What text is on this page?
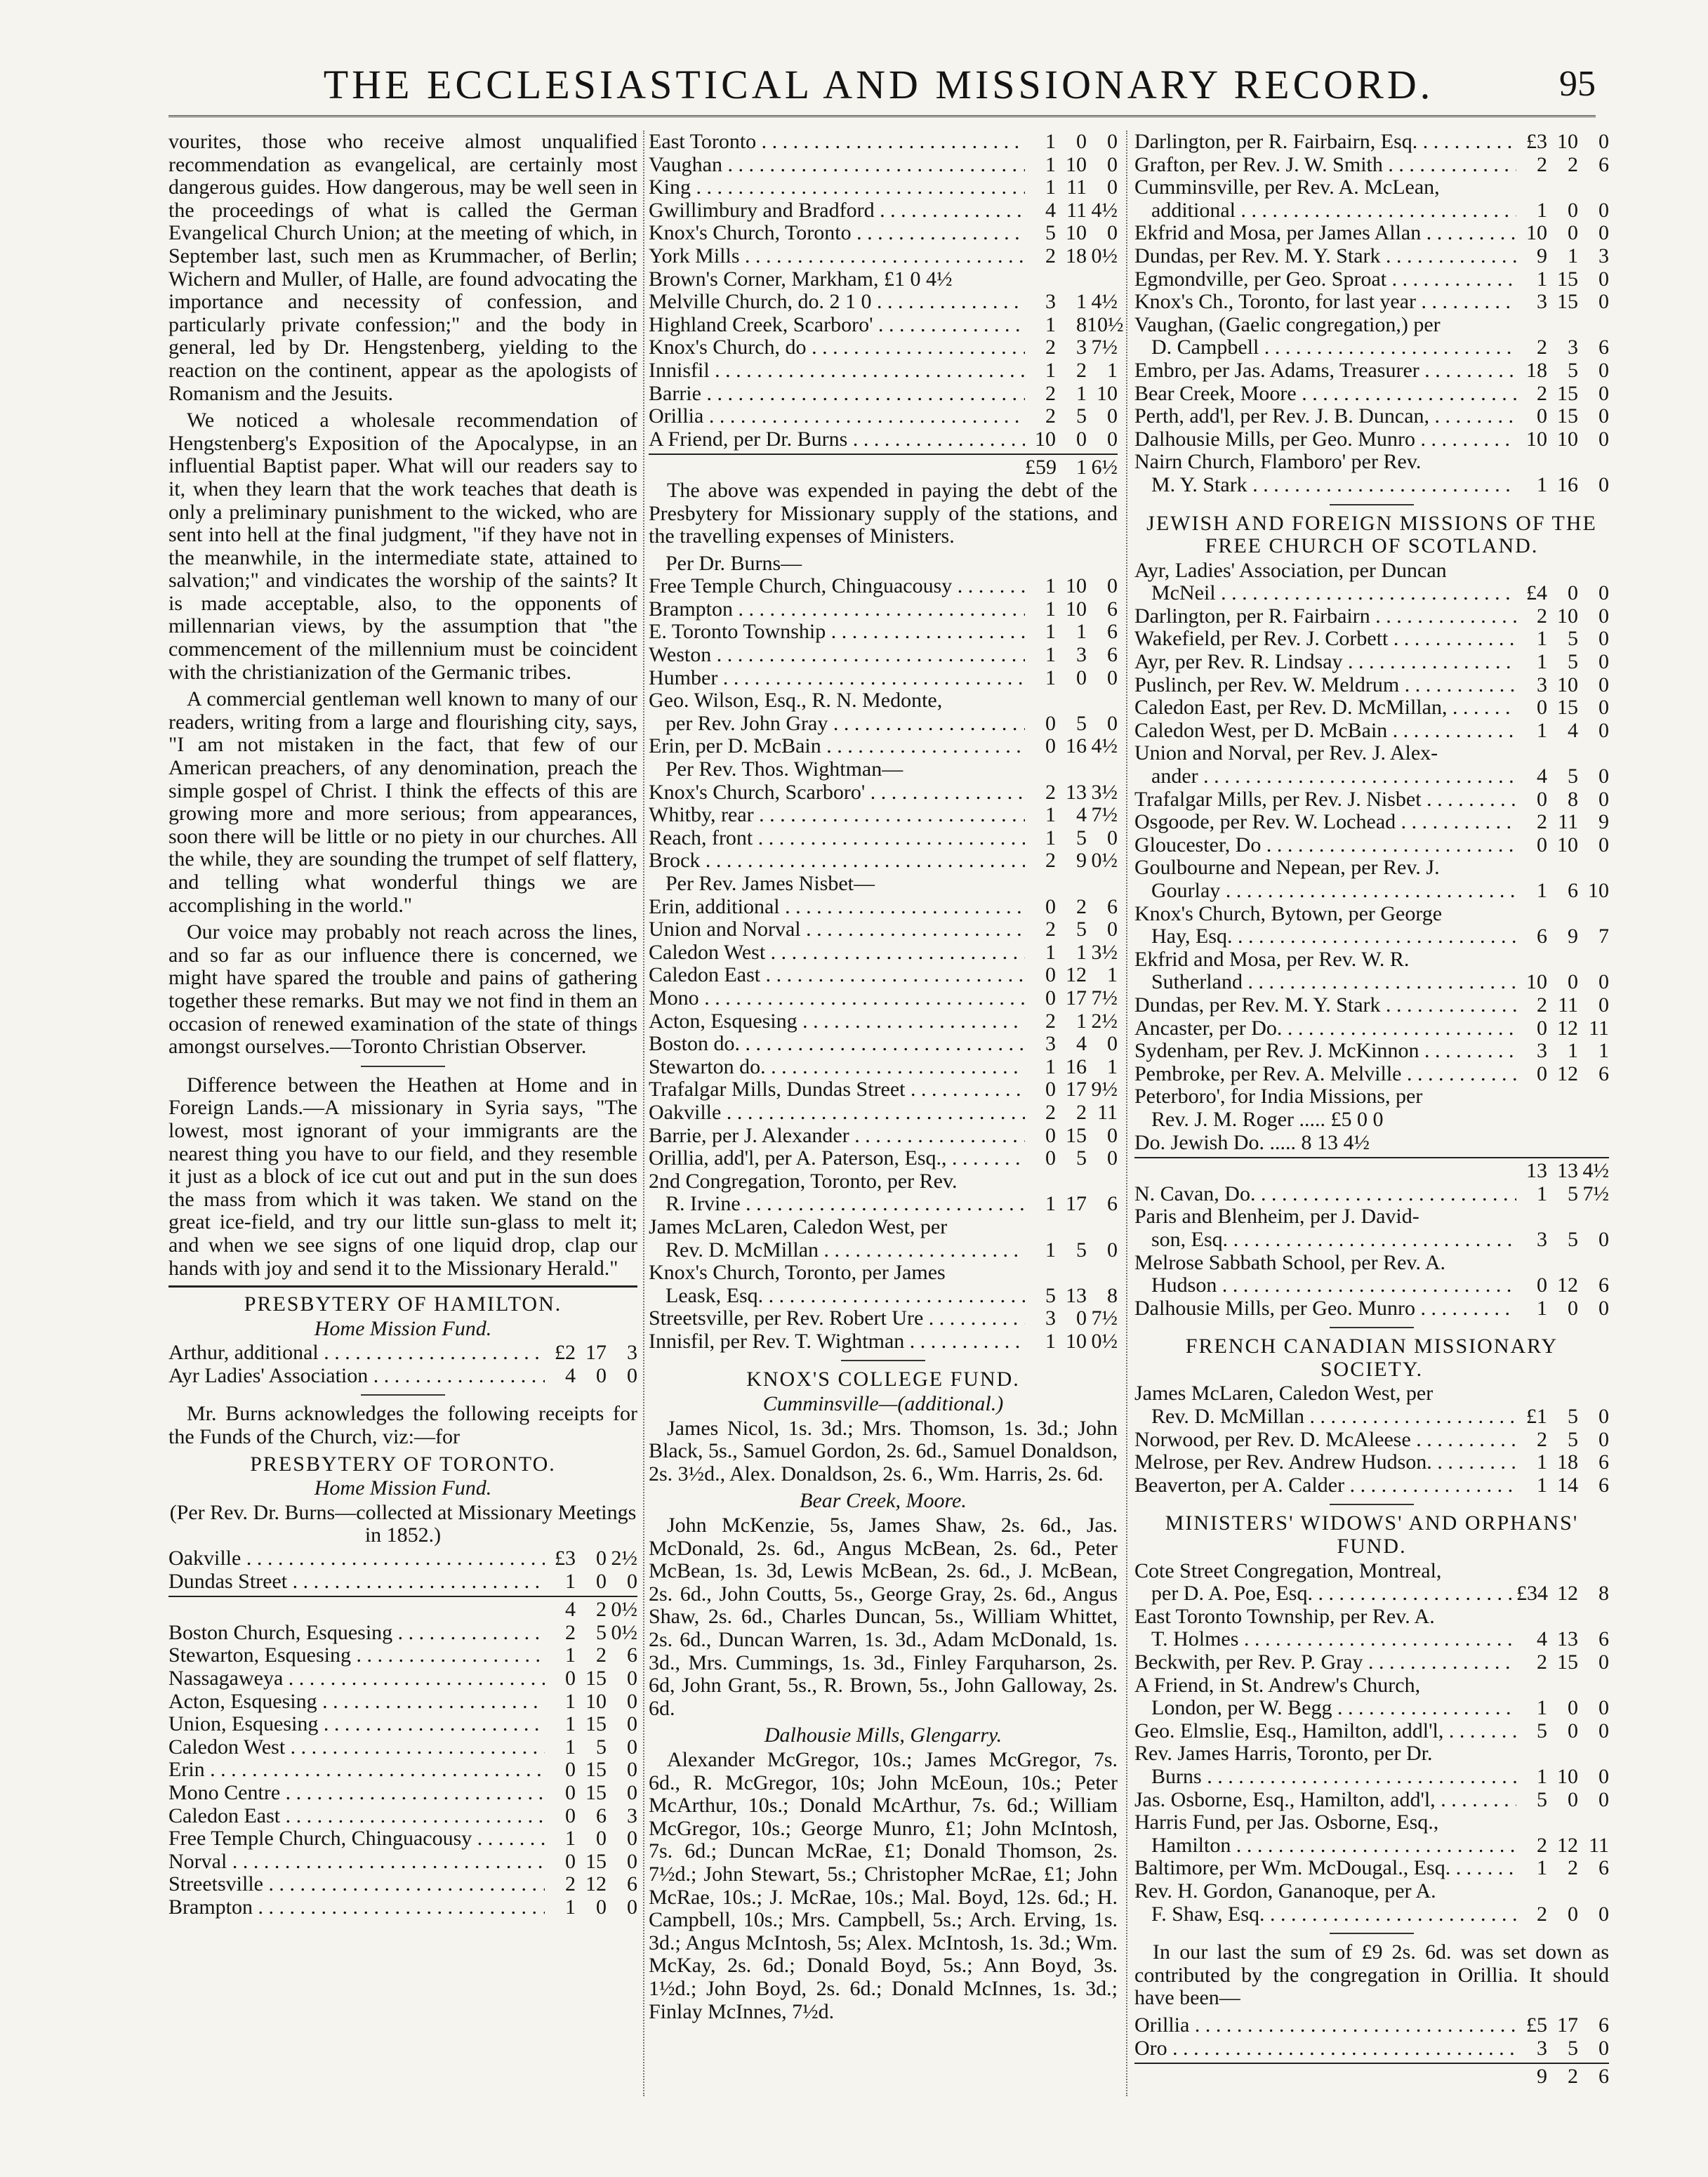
THE ECCLESIASTICAL AND MISSIONARY RECORD.	95

vourites, those who receive almost unqualified recommendation as evangelical, are certainly most dangerous guides. How dangerous, may be well seen in the proceedings of what is called the German Evangelical Church Union; at the meeting of which, in September last, such men as Krummacher, of Berlin; Wichern and Muller, of Halle, are found advocating the importance and necessity of confession, and particularly private confession;" and the body in general, led by Dr. Hengstenberg, yielding to the reaction on the continent, appear as the apologists of Romanism and the Jesuits.

We noticed a wholesale recommendation of Hengstenberg's Exposition of the Apocalypse, in an influential Baptist paper. What will our readers say to it, when they learn that the work teaches that death is only a preliminary punishment to the wicked, who are sent into hell at the final judgment, "if they have not in the meanwhile, in the intermediate state, attained to salvation;" and vindicates the worship of the saints? It is made acceptable, also, to the opponents of millennarian views, by the assumption that "the commencement of the millennium must be coincident with the christianization of the Germanic tribes.

A commercial gentleman well known to many of our readers, writing from a large and flourishing city, says, "I am not mistaken in the fact, that few of our American preachers, of any denomination, preach the simple gospel of Christ. I think the effects of this are growing more and more serious; from appearances, soon there will be little or no piety in our churches. All the while, they are sounding the trumpet of self flattery, and telling what wonderful things we are accomplishing in the world."

Our voice may probably not reach across the lines, and so far as our influence there is concerned, we might have spared the trouble and pains of gathering together these remarks. But may we not find in them an occasion of renewed examination of the state of things amongst ourselves.—Toronto Christian Observer.

Difference between the Heathen at Home and in Foreign Lands.—A missionary in Syria says, "The lowest, most ignorant of your immigrants are the nearest thing you have to our field, and they resemble it just as a block of ice cut out and put in the sun does the mass from which it was taken. We stand on the great ice-field, and try our little sun-glass to melt it; and when we see signs of one liquid drop, clap our hands with joy and send it to the Missionary Herald."

PRESBYTERY OF HAMILTON.
Home Mission Fund.
Arthur, additional . . .	£2 17 3
Ayr Ladies' Association . . .	4 0 0

Mr. Burns acknowledges the following receipts for the Funds of the Church, viz:—for

PRESBYTERY OF TORONTO.
Home Mission Fund.
(Per Rev. Dr. Burns—collected at Missionary Meetings in 1852.)
Oakville . . .	£3 0 2½
Dundas Street . . .	1 0 0
4 2 0½
Boston Church, Esquesing . . .	2 5 0½
Stewarton, Esquesing . . .	1 2 6
Nassagaweya . . .	0 15 0
Acton, Esquesing . . .	1 10 0
Union, Esquesing . . .	1 15 0
Caledon West . . .	1 5 0
Erin . . .	0 15 0
Mono Centre . . .	0 15 0
Caledon East . . .	0 6 3
Free Temple Church, Chinguacousy . . .	1 0 0
Norval . . .	0 15 0
Streetsville . . .	2 12 6
Brampton . . .	1 0 0
East Toronto . . .	1 0 0
Vaughan . . .	1 10 0
King . . .	1 11 0
Gwillimbury and Bradford . . .	4 11 4½
Knox's Church, Toronto . . .	5 10 0
York Mills . . .	2 18 0½
Brown's Corner, Markham, £1 0 4½
Melville Church, do. 2 1 0 . . .	3 1 4½
Highland Creek, Scarboro' . . .	1 8 10½
Knox's Church, do . . .	2 3 7½
Innisfil . . .	1 2 1
Barrie . . .	2 1 10
Orillia . . .	2 5 0
A Friend, per Dr. Burns . . .	10 0 0
£59 1 6½

The above was expended in paying the debt of the Presbytery for Missionary supply of the stations, and the travelling expenses of Ministers.

Per Dr. Burns—
Free Temple Church, Chinguacousy . . .	1 10 0
Brampton . . .	1 10 6
E. Toronto Township . . .	1 1 6
Weston . . .	1 3 6
Humber . . .	1 0 0
Geo. Wilson, Esq., R. N. Medonte,
per Rev. John Gray . . .	0 5 0
Erin, per D. McBain . . .	0 16 4½
Per Rev. Thos. Wightman—
Knox's Church, Scarboro' . . .	2 13 3½
Whitby, rear . . .	1 4 7½
Reach, front . . .	1 5 0
Brock . . .	2 9 0½
Per Rev. James Nisbet—
Erin, additional . . .	0 2 6
Union and Norval . . .	2 5 0
Caledon West . . .	1 1 3½
Caledon East . . .	0 12 1
Mono . . .	0 17 7½
Acton, Esquesing . . .	2 1 2½
Boston do. . . .	3 4 0
Stewarton do. . . .	1 16 1
Trafalgar Mills, Dundas Street . . .	0 17 9½
Oakville . . .	2 2 11
Barrie, per J. Alexander . . .	0 15 0
Orillia, add'l, per A. Paterson, Esq., . . .	0 5 0
2nd Congregation, Toronto, per Rev.
R. Irvine . . .	1 17 6
James McLaren, Caledon West, per
Rev. D. McMillan . . .	1 5 0
Knox's Church, Toronto, per James
Leask, Esq. . . .	5 13 8
Streetsville, per Rev. Robert Ure . . .	3 0 7½
Innisfil, per Rev. T. Wightman . . .	1 10 0½
KNOX'S COLLEGE FUND.
Cumminsville—(additional.)

James Nicol, 1s. 3d.; Mrs. Thomson, 1s. 3d.; John Black, 5s., Samuel Gordon, 2s. 6d., Samuel Donaldson, 2s. 3½d., Alex. Donaldson, 2s. 6., Wm. Harris, 2s. 6d.

Bear Creek, Moore.

John McKenzie, 5s, James Shaw, 2s. 6d., Jas. McDonald, 2s. 6d., Angus McBean, 2s. 6d., Peter McBean, 1s. 3d, Lewis McBean, 2s. 6d., J. McBean, 2s. 6d., John Coutts, 5s., George Gray, 2s. 6d., Angus Shaw, 2s. 6d., Charles Duncan, 5s., William Whittet, 2s. 6d., Duncan Warren, 1s. 3d., Adam McDonald, 1s. 3d., Mrs. Cummings, 1s. 3d., Finley Farquharson, 2s. 6d, John Grant, 5s., R. Brown, 5s., John Galloway, 2s. 6d.

Dalhousie Mills, Glengarry.

Alexander McGregor, 10s.; James McGregor, 7s. 6d., R. McGregor, 10s; John McEoun, 10s.; Peter McArthur, 10s.; Donald McArthur, 7s. 6d.; William McGregor, 10s.; George Munro, £1; John McIntosh, 7s. 6d.; Duncan McRae, £1; Donald Thomson, 2s. 7½d.; John Stewart, 5s.; Christopher McRae, £1; John McRae, 10s.; J. McRae, 10s.; Mal. Boyd, 12s. 6d.; H. Campbell, 10s.; Mrs. Campbell, 5s.; Arch. Erving, 1s. 3d.; Angus McIntosh, 5s; Alex. McIntosh, 1s. 3d.; Wm. McKay, 2s. 6d.; Donald Boyd, 5s.; Ann Boyd, 3s. 1½d.; John Boyd, 2s. 6d.; Donald McInnes, 1s. 3d.; Finlay McInnes, 7½d.

Darlington, per R. Fairbairn, Esq. . . .	£3 10 0
Grafton, per Rev. J. W. Smith . . .	2 2 6
Cumminsville, per Rev. A. McLean,
additional . . .	1 0 0
Ekfrid and Mosa, per James Allan . . .	10 0 0
Dundas, per Rev. M. Y. Stark . . .	9 1 3
Egmondville, per Geo. Sproat . . .	1 15 0
Knox's Ch., Toronto, for last year . . .	3 15 0
Vaughan, (Gaelic congregation,) per
D. Campbell . . .	2 3 6
Embro, per Jas. Adams, Treasurer . . .	18 5 0
Bear Creek, Moore . . .	2 15 0
Perth, add'l, per Rev. J. B. Duncan, . . .	0 15 0
Dalhousie Mills, per Geo. Munro . . .	10 10 0
Nairn Church, Flamboro' per Rev.
M. Y. Stark . . .	1 16 0
JEWISH AND FOREIGN MISSIONS OF THE FREE CHURCH OF SCOTLAND.
Ayr, Ladies' Association, per Duncan
McNeil . . .	£4 0 0
Darlington, per R. Fairbairn . . .	2 10 0
Wakefield, per Rev. J. Corbett . . .	1 5 0
Ayr, per Rev. R. Lindsay . . .	1 5 0
Puslinch, per Rev. W. Meldrum . . .	3 10 0
Caledon East, per Rev. D. McMillan, . . .	0 15 0
Caledon West, per D. McBain . . .	1 4 0
Union and Norval, per Rev. J. Alex-
ander . . .	4 5 0
Trafalgar Mills, per Rev. J. Nisbet . . .	0 8 0
Osgoode, per Rev. W. Lochead . . .	2 11 9
Gloucester, Do . . .	0 10 0
Goulbourne and Nepean, per Rev. J.
Gourlay . . .	1 6 10
Knox's Church, Bytown, per George
Hay, Esq. . . .	6 9 7
Ekfrid and Mosa, per Rev. W. R.
Sutherland . . .	10 0 0
Dundas, per Rev. M. Y. Stark . . .	2 11 0
Ancaster, per Do. . . .	0 12 11
Sydenham, per Rev. J. McKinnon . . .	3 1 1
Pembroke, per Rev. A. Melville . . .	0 12 6
Peterboro', for India Missions, per
Rev. J. M. Roger ..... £5 0 0
Do. Jewish Do. ..... 8 13 4½
13 13 4½
N. Cavan, Do. . . .	1 5 7½
Paris and Blenheim, per J. David-
son, Esq. . . .	3 5 0
Melrose Sabbath School, per Rev. A.
Hudson . . .	0 12 6
Dalhousie Mills, per Geo. Munro . . .	1 0 0
FRENCH CANADIAN MISSIONARY SOCIETY.
James McLaren, Caledon West, per
Rev. D. McMillan . . .	£1 5 0
Norwood, per Rev. D. McAleese . . .	2 5 0
Melrose, per Rev. Andrew Hudson. . . .	1 18 6
Beaverton, per A. Calder . . .	1 14 6
MINISTERS' WIDOWS' AND ORPHANS' FUND.
Cote Street Congregation, Montreal,
per D. A. Poe, Esq. . . .	£34 12 8
East Toronto Township, per Rev. A.
T. Holmes . . .	4 13 6
Beckwith, per Rev. P. Gray . . .	2 15 0
A Friend, in St. Andrew's Church,
London, per W. Begg . . .	1 0 0
Geo. Elmslie, Esq., Hamilton, addl'l, . . .	5 0 0
Rev. James Harris, Toronto, per Dr.
Burns . . .	1 10 0
Jas. Osborne, Esq., Hamilton, add'l, . . .	5 0 0
Harris Fund, per Jas. Osborne, Esq.,
Hamilton . . .	2 12 11
Baltimore, per Wm. McDougal., Esq. . . .	1 2 6
Rev. H. Gordon, Gananoque, per A.
F. Shaw, Esq. . . .	2 0 0

In our last the sum of £9 2s. 6d. was set down as contributed by the congregation in Orillia. It should have been—

Orillia . . .	£5 17 6
Oro . . .	3 5 0
9 2 6
